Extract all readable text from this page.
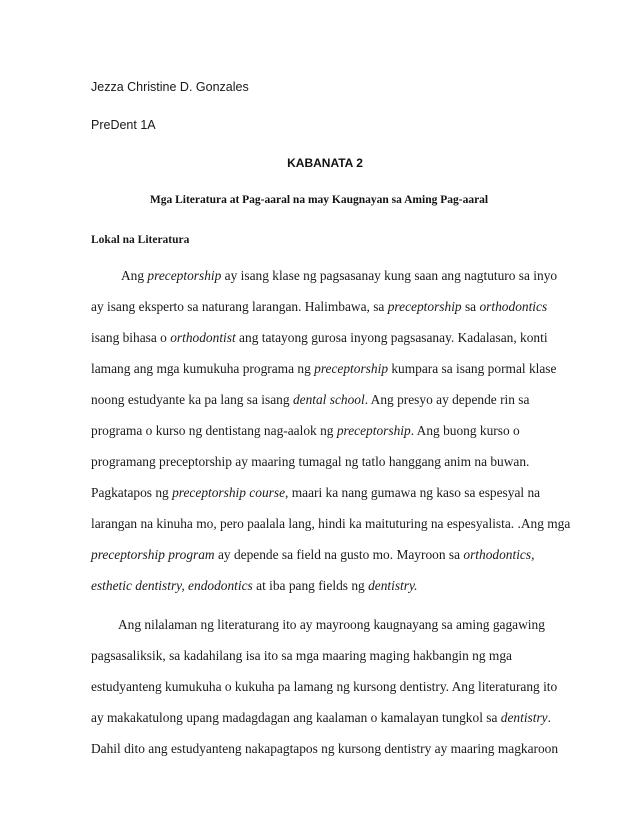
Jezza Christine D. Gonzales
PreDent 1A
KABANATA 2
Mga Literatura at Pag-aaral na may Kaugnayan sa Aming Pag-aaral
Lokal na Literatura
Ang preceptorship ay isang klase ng pagsasanay kung saan ang nagtuturo sa inyo
ay isang eksperto sa naturang larangan. Halimbawa, sa preceptorship sa orthodontics
isang bihasa o orthodontist ang tatayong gurosa inyong pagsasanay. Kadalasan, konti
lamang ang mga kumukuha programa ng preceptorship kumpara sa isang pormal klase
noong estudyante ka pa lang sa isang dental school. Ang presyo ay depende rin sa
programa o kurso ng dentistang nag-aalok ng preceptorship. Ang buong kurso o
programang preceptorship ay maaring tumagal ng tatlo hanggang anim na buwan.
Pagkatapos ng preceptorship course, maari ka nang gumawa ng kaso sa espesyal na
larangan na kinuha mo, pero paalala lang, hindi ka maituturing na espesyalista. .Ang mga
preceptorship program ay depende sa field na gusto mo. Mayroon sa orthodontics,
esthetic dentistry, endodontics at iba pang fields ng dentistry.
Ang nilalaman ng literaturang ito ay mayroong kaugnayang sa aming gagawing
pagsasaliksik, sa kadahilang isa ito sa mga maaring maging hakbangin ng mga
estudyanteng kumukuha o kukuha pa lamang ng kursong dentistry. Ang literaturang ito
ay makakatulong upang madagdagan ang kaalaman o kamalayan tungkol sa dentistry.
Dahil dito ang estudyanteng nakapagtapos ng kursong dentistry ay maaring magkaroon
